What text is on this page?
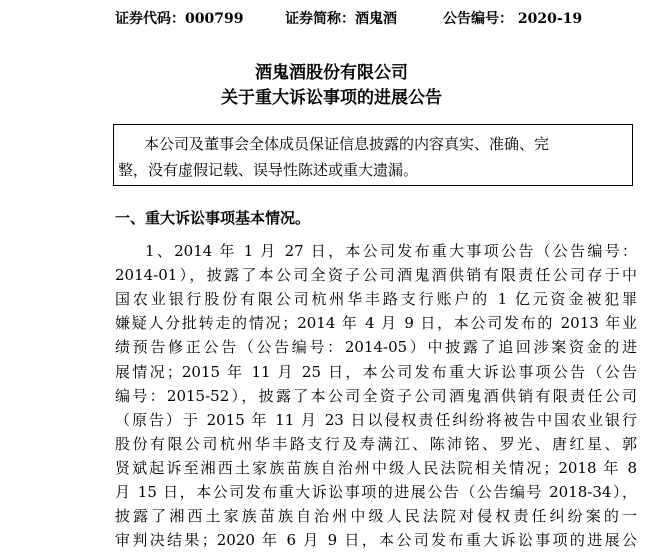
证券代码：000799	证券简称：酒鬼酒	公告编号： 2020-19
酒鬼酒股份有限公司
关于重大诉讼事项的进展公告
本公司及董事会全体成员保证信息披露的内容真实、准确、完
整，没有虚假记载、误导性陈述或重大遗漏。
一、重大诉讼事项基本情况。
1、2014 年 1 月 27 日，本公司发布重大事项公告（公告编号：
2014-01），披露了本公司全资子公司酒鬼酒供销有限责任公司存于中
国农业银行股份有限公司杭州华丰路支行账户的 1 亿元资金被犯罪
嫌疑人分批转走的情况；2014 年 4 月 9 日，本公司发布的 2013 年业
绩预告修正公告（公告编号：2014-05）中披露了追回涉案资金的进
展情况；2015 年 11 月 25 日，本公司发布重大诉讼事项公告（公告
编号：2015-52），披露了本公司全资子公司酒鬼酒供销有限责任公司
（原告）于 2015 年 11 月 23 日以侵权责任纠纷将被告中国农业银行
股份有限公司杭州华丰路支行及寿满江、陈沛铭、罗光、唐红星、郭
贤斌起诉至湘西土家族苗族自治州中级人民法院相关情况；2018 年 8
月 15 日，本公司发布重大诉讼事项的进展公告（公告编号 2018-34），
披露了湘西土家族苗族自治州中级人民法院对侵权责任纠纷案的一
审判决结果；2020 年 6 月 9 日，本公司发布重大诉讼事项的进展公
